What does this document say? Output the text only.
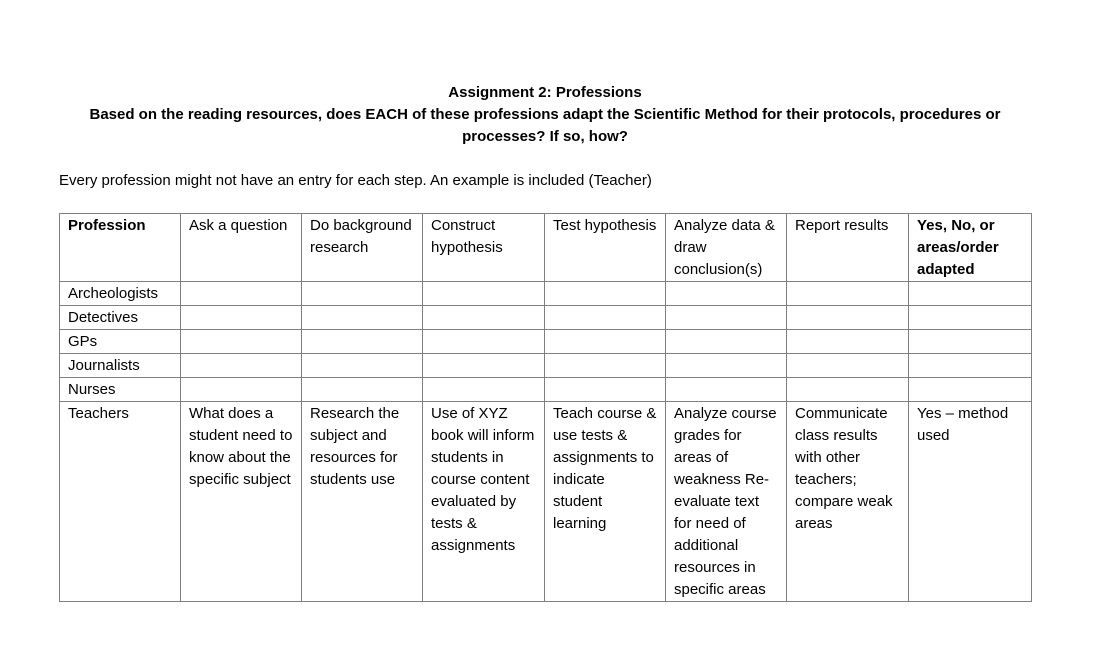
Assignment 2: Professions
Based on the reading resources, does EACH of these professions adapt the Scientific Method for their protocols, procedures or processes? If so, how?
Every profession might not have an entry for each step. An example is included (Teacher)
Profession	Ask a question	Do background research	Construct hypothesis	Test hypothesis	Analyze data & draw conclusion(s)	Report results	Yes, No, or areas/order adapted
Archeologists							
Detectives							
GPs							
Journalists							
Nurses							
Teachers	What does a student need to know about the specific subject	Research the subject and resources for students use	Use of XYZ book will inform students in course content evaluated by tests & assignments	Teach course & use tests & assignments to indicate student learning	Analyze course grades for areas of weakness Re-evaluate text for need of additional resources in specific areas	Communicate class results with other teachers; compare weak areas	Yes – method used
